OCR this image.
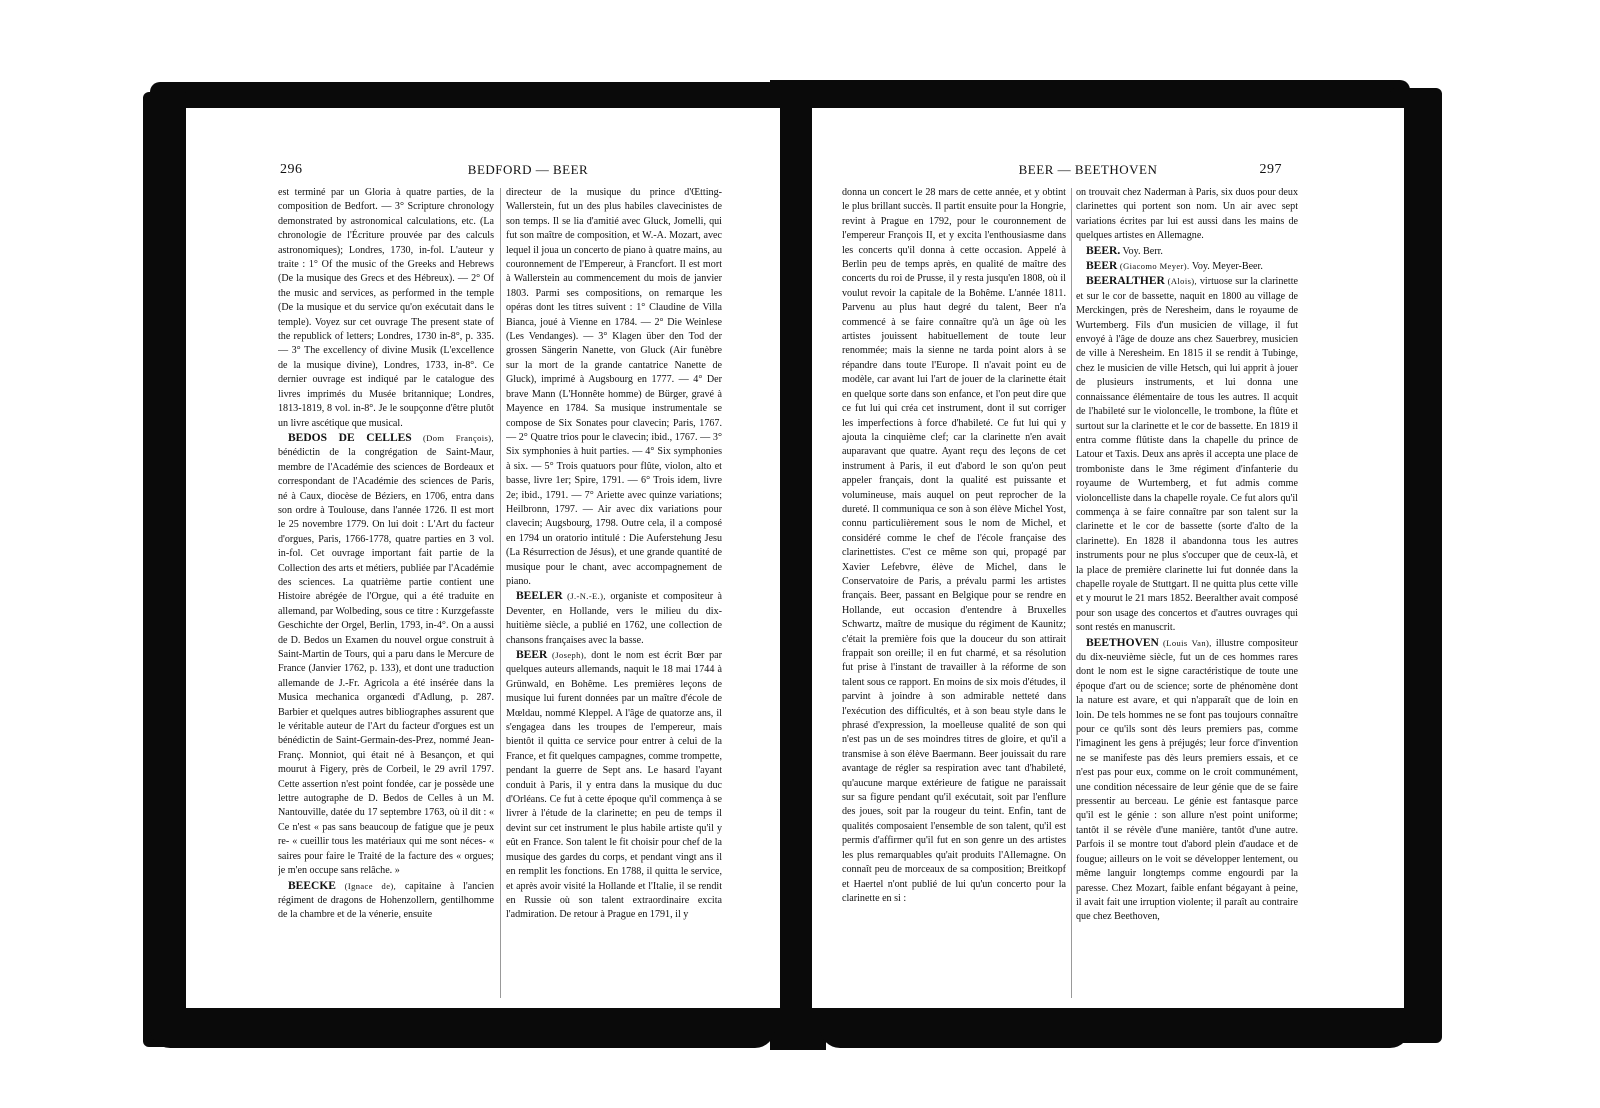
296	BEDFORD — BEER

est terminé par un Gloria à quatre parties, de la composition de Bedfort. — 3° Scripture chronology demonstrated by astronomical calculations, etc. (La chronologie de l'Écriture prouvée par des calculs astronomiques); Londres, 1730, in-fol. L'auteur y traite : 1° Of the music of the Greeks and Hebrews (De la musique des Grecs et des Hébreux). — 2° Of the music and services, as performed in the temple (De la musique et du service qu'on exécutait dans le temple). Voyez sur cet ouvrage The present state of the republick of letters; Londres, 1730 in-8°, p. 335. — 3° The excellency of divine Musik (L'excellence de la musique divine), Londres, 1733, in-8°. Ce dernier ouvrage est indiqué par le catalogue des livres imprimés du Musée britannique; Londres, 1813-1819, 8 vol. in-8°. Je le soupçonne d'être plutôt un livre ascétique que musical.

BEDOS DE CELLES (Dom François), bénédictin de la congrégation de Saint-Maur, membre de l'Académie des sciences de Bordeaux et correspondant de l'Académie des sciences de Paris, né à Caux, diocèse de Béziers, en 1706, entra dans son ordre à Toulouse, dans l'année 1726. Il est mort le 25 novembre 1779. On lui doit : L'Art du facteur d'orgues, Paris, 1766-1778, quatre parties en 3 vol. in-fol. Cet ouvrage important fait partie de la Collection des arts et métiers, publiée par l'Académie des sciences. La quatrième partie contient une Histoire abrégée de l'Orgue, qui a été traduite en allemand, par Wolbeding, sous ce titre : Kurzgefasste Geschichte der Orgel, Berlin, 1793, in-4°. On a aussi de D. Bedos un Examen du nouvel orgue construit à Saint-Martin de Tours, qui a paru dans le Mercure de France (Janvier 1762, p. 133), et dont une traduction allemande de J.-Fr. Agricola a été insérée dans la Musica mechanica organœdi d'Adlung, p. 287. Barbier et quelques autres bibliographes assurent que le véritable auteur de l'Art du facteur d'orgues est un bénédictin de Saint-Germain-des-Prez, nommé Jean-Franç. Monniot, qui était né à Besançon, et qui mourut à Figery, près de Corbeil, le 29 avril 1797. Cette assertion n'est point fondée, car je possède une lettre autographe de D. Bedos de Celles à un M. Nantouville, datée du 17 septembre 1763, où il dit : « Ce n'est « pas sans beaucoup de fatigue que je peux re- « cueillir tous les matériaux qui me sont néces- « saires pour faire le Traité de la facture des « orgues; je m'en occupe sans relâche. »

BEECKE (Ignace de), capitaine à l'ancien régiment de dragons de Hohenzollern, gentilhomme de la chambre et de la vénerie, ensuite

directeur de la musique du prince d'Œtting-Wallerstein, fut un des plus habiles clavecinistes de son temps. Il se lia d'amitié avec Gluck, Jomelli, qui fut son maître de composition, et W.-A. Mozart, avec lequel il joua un concerto de piano à quatre mains, au couronnement de l'Empereur, à Francfort. Il est mort à Wallerstein au commencement du mois de janvier 1803. Parmi ses compositions, on remarque les opéras dont les titres suivent : 1° Claudine de Villa Bianca, joué à Vienne en 1784. — 2° Die Weinlese (Les Vendanges). — 3° Klagen über den Tod der grossen Sängerin Nanette, von Gluck (Air funèbre sur la mort de la grande cantatrice Nanette de Gluck), imprimé à Augsbourg en 1777. — 4° Der brave Mann (L'Honnête homme) de Bürger, gravé à Mayence en 1784. Sa musique instrumentale se compose de Six Sonates pour clavecin; Paris, 1767. — 2° Quatre trios pour le clavecin; ibid., 1767. — 3° Six symphonies à huit parties. — 4° Six symphonies à six. — 5° Trois quatuors pour flûte, violon, alto et basse, livre 1er; Spire, 1791. — 6° Trois idem, livre 2e; ibid., 1791. — 7° Ariette avec quinze variations; Heilbronn, 1797. — Air avec dix variations pour clavecin; Augsbourg, 1798. Outre cela, il a composé en 1794 un oratorio intitulé : Die Auferstehung Jesu (La Résurrection de Jésus), et une grande quantité de musique pour le chant, avec accompagnement de piano.

BEELER (J.-N.-E.), organiste et compositeur à Deventer, en Hollande, vers le milieu du dix-huitième siècle, a publié en 1762, une collection de chansons françaises avec la basse.

BEER (Joseph), dont le nom est écrit Bœr par quelques auteurs allemands, naquit le 18 mai 1744 à Grünwald, en Bohême. Les premières leçons de musique lui furent données par un maître d'école de Mœldau, nommé Kleppel. A l'âge de quatorze ans, il s'engagea dans les troupes de l'empereur, mais bientôt il quitta ce service pour entrer à celui de la France, et fit quelques campagnes, comme trompette, pendant la guerre de Sept ans. Le hasard l'ayant conduit à Paris, il y entra dans la musique du duc d'Orléans. Ce fut à cette époque qu'il commença à se livrer à l'étude de la clarinette; en peu de temps il devint sur cet instrument le plus habile artiste qu'il y eût en France. Son talent le fit choisir pour chef de la musique des gardes du corps, et pendant vingt ans il en remplit les fonctions. En 1788, il quitta le service, et après avoir visité la Hollande et l'Italie, il se rendit en Russie où son talent extraordinaire excita l'admiration. De retour à Prague en 1791, il y

BEER — BEETHOVEN	297

donna un concert le 28 mars de cette année, et y obtint le plus brillant succès. Il partit ensuite pour la Hongrie, revint à Prague en 1792, pour le couronnement de l'empereur François II, et y excita l'enthousiasme dans les concerts qu'il donna à cette occasion. Appelé à Berlin peu de temps après, en qualité de maître des concerts du roi de Prusse, il y resta jusqu'en 1808, où il voulut revoir la capitale de la Bohême. L'année 1811. Parvenu au plus haut degré du talent, Beer n'a commencé à se faire connaître qu'à un âge où les artistes jouissent habituellement de toute leur renommée; mais la sienne ne tarda point alors à se répandre dans toute l'Europe. Il n'avait point eu de modèle, car avant lui l'art de jouer de la clarinette était en quelque sorte dans son enfance, et l'on peut dire que ce fut lui qui créa cet instrument, dont il sut corriger les imperfections à force d'habileté. Ce fut lui qui y ajouta la cinquième clef; car la clarinette n'en avait auparavant que quatre. Ayant reçu des leçons de cet instrument à Paris, il eut d'abord le son qu'on peut appeler français, dont la qualité est puissante et volumineuse, mais auquel on peut reprocher de la dureté. Il communiqua ce son à son élève Michel Yost, connu particulièrement sous le nom de Michel, et considéré comme le chef de l'école française des clarinettistes. C'est ce même son qui, propagé par Xavier Lefebvre, élève de Michel, dans le Conservatoire de Paris, a prévalu parmi les artistes français. Beer, passant en Belgique pour se rendre en Hollande, eut occasion d'entendre à Bruxelles Schwartz, maître de musique du régiment de Kaunitz; c'était la première fois que la douceur du son attirait frappait son oreille; il en fut charmé, et sa résolution fut prise à l'instant de travailler à la réforme de son talent sous ce rapport. En moins de six mois d'études, il parvint à joindre à son admirable netteté dans l'exécution des difficultés, et à son beau style dans le phrasé d'expression, la moelleuse qualité de son qui n'est pas un de ses moindres titres de gloire, et qu'il a transmise à son élève Baermann. Beer jouissait du rare avantage de régler sa respiration avec tant d'habileté, qu'aucune marque extérieure de fatigue ne paraissait sur sa figure pendant qu'il exécutait, soit par l'enflure des joues, soit par la rougeur du teint. Enfin, tant de qualités composaient l'ensemble de son talent, qu'il est permis d'affirmer qu'il fut en son genre un des artistes les plus remarquables qu'ait produits l'Allemagne. On connaît peu de morceaux de sa composition; Breitkopf et Haertel n'ont publié de lui qu'un concerto pour la clarinette en si :

on trouvait chez Naderman à Paris, six duos pour deux clarinettes qui portent son nom. Un air avec sept variations écrites par lui est aussi dans les mains de quelques artistes en Allemagne.

BEER. Voy. Berr.

BEER (Giacomo Meyer). Voy. Meyer-Beer.

BEERALTHER (Alois), virtuose sur la clarinette et sur le cor de bassette, naquit en 1800 au village de Merckingen, près de Neresheim, dans le royaume de Wurtemberg. Fils d'un musicien de village, il fut envoyé à l'âge de douze ans chez Sauerbrey, musicien de ville à Neresheim. En 1815 il se rendit à Tubinge, chez le musicien de ville Hetsch, qui lui apprit à jouer de plusieurs instruments, et lui donna une connaissance élémentaire de tous les autres. Il acquit de l'habileté sur le violoncelle, le trombone, la flûte et surtout sur la clarinette et le cor de bassette. En 1819 il entra comme flûtiste dans la chapelle du prince de Latour et Taxis. Deux ans après il accepta une place de tromboniste dans le 3me régiment d'infanterie du royaume de Wurtemberg, et fut admis comme violoncelliste dans la chapelle royale. Ce fut alors qu'il commença à se faire connaître par son talent sur la clarinette et le cor de bassette (sorte d'alto de la clarinette). En 1828 il abandonna tous les autres instruments pour ne plus s'occuper que de ceux-là, et la place de première clarinette lui fut donnée dans la chapelle royale de Stuttgart. Il ne quitta plus cette ville et y mourut le 21 mars 1852. Beeralther avait composé pour son usage des concertos et d'autres ouvrages qui sont restés en manuscrit.

BEETHOVEN (Louis Van), illustre compositeur du dix-neuvième siècle, fut un de ces hommes rares dont le nom est le signe caractéristique de toute une époque d'art ou de science; sorte de phénomène dont la nature est avare, et qui n'apparaît que de loin en loin. De tels hommes ne se font pas toujours connaître pour ce qu'ils sont dès leurs premiers pas, comme l'imaginent les gens à préjugés; leur force d'invention ne se manifeste pas dès leurs premiers essais, et ce n'est pas pour eux, comme on le croit communément, une condition nécessaire de leur génie que de se faire pressentir au berceau. Le génie est fantasque parce qu'il est le génie : son allure n'est point uniforme; tantôt il se révèle d'une manière, tantôt d'une autre. Parfois il se montre tout d'abord plein d'audace et de fougue; ailleurs on le voit se développer lentement, ou même languir longtemps comme engourdi par la paresse. Chez Mozart, faible enfant bégayant à peine, il avait fait une irruption violente; il paraît au contraire que chez Beethoven,
